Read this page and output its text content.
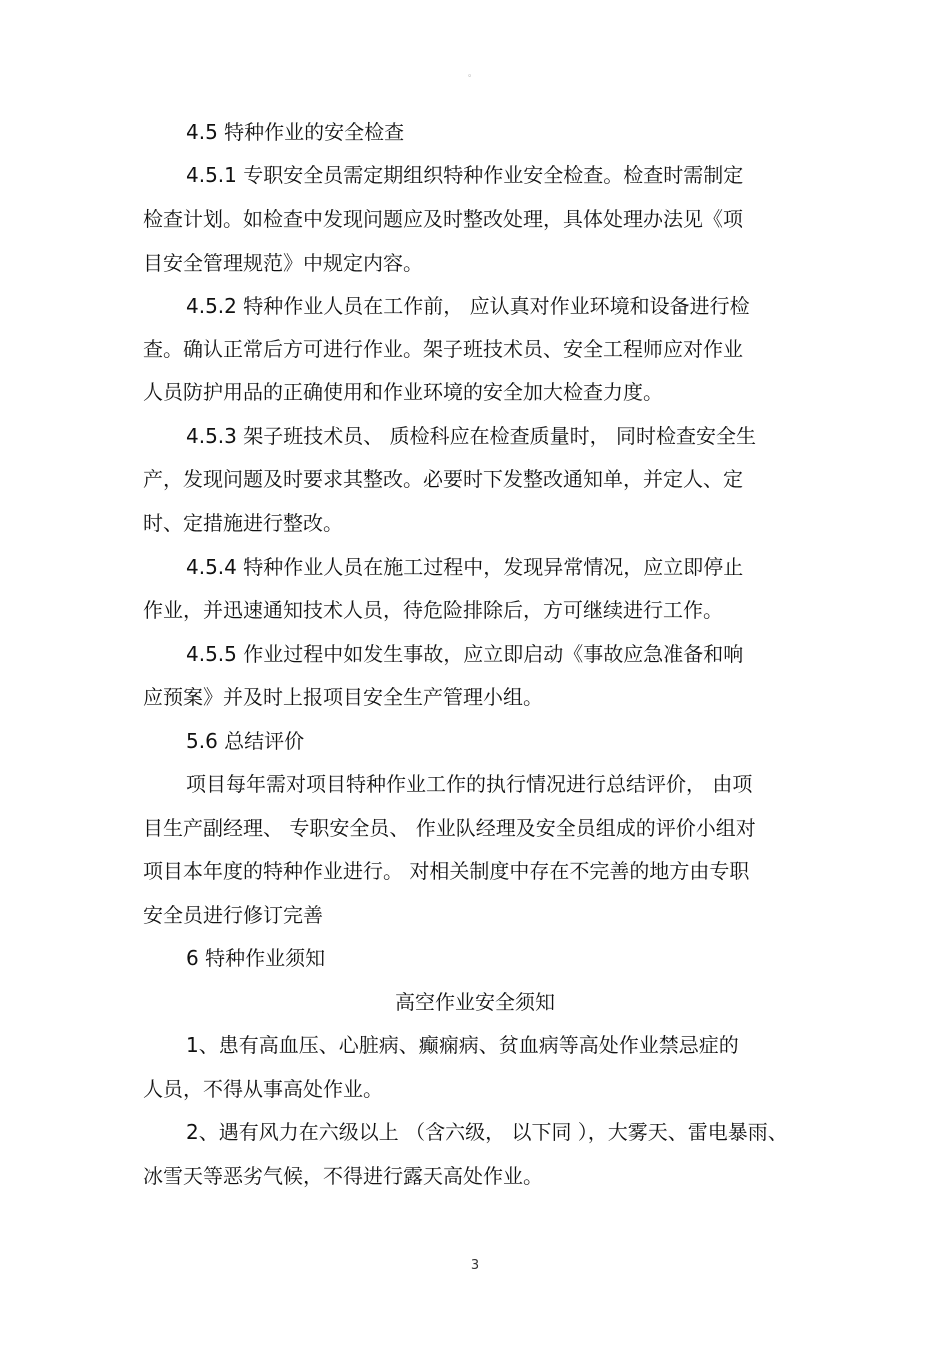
。
4.5 特种作业的安全检查
4.5.1 专职安全员需定期组织特种作业安全检查。检查时需制定
检查计划。如检查中发现问题应及时整改处理，具体处理办法见《项
目安全管理规范》中规定内容。
4.5.2 特种作业人员在工作前， 应认真对作业环境和设备进行检
查。确认正常后方可进行作业。架子班技术员、安全工程师应对作业
人员防护用品的正确使用和作业环境的安全加大检查力度。
4.5.3 架子班技术员、 质检科应在检查质量时， 同时检查安全生
产，发现问题及时要求其整改。必要时下发整改通知单，并定人、定
时、定措施进行整改。
4.5.4 特种作业人员在施工过程中，发现异常情况，应立即停止
作业，并迅速通知技术人员，待危险排除后，方可继续进行工作。
4.5.5 作业过程中如发生事故，应立即启动《事故应急准备和响
应预案》并及时上报项目安全生产管理小组。
5.6 总结评价
项目每年需对项目特种作业工作的执行情况进行总结评价， 由项
目生产副经理、 专职安全员、 作业队经理及安全员组成的评价小组对
项目本年度的特种作业进行。 对相关制度中存在不完善的地方由专职
安全员进行修订完善
6 特种作业须知
高空作业安全须知
1、患有高血压、心脏病、癫痫病、贫血病等高处作业禁忌症的
人员，不得从事高处作业。
2、遇有风力在六级以上 （含六级， 以下同 ），大雾天、雷电暴雨、
冰雪天等恶劣气候，不得进行露天高处作业。
3
